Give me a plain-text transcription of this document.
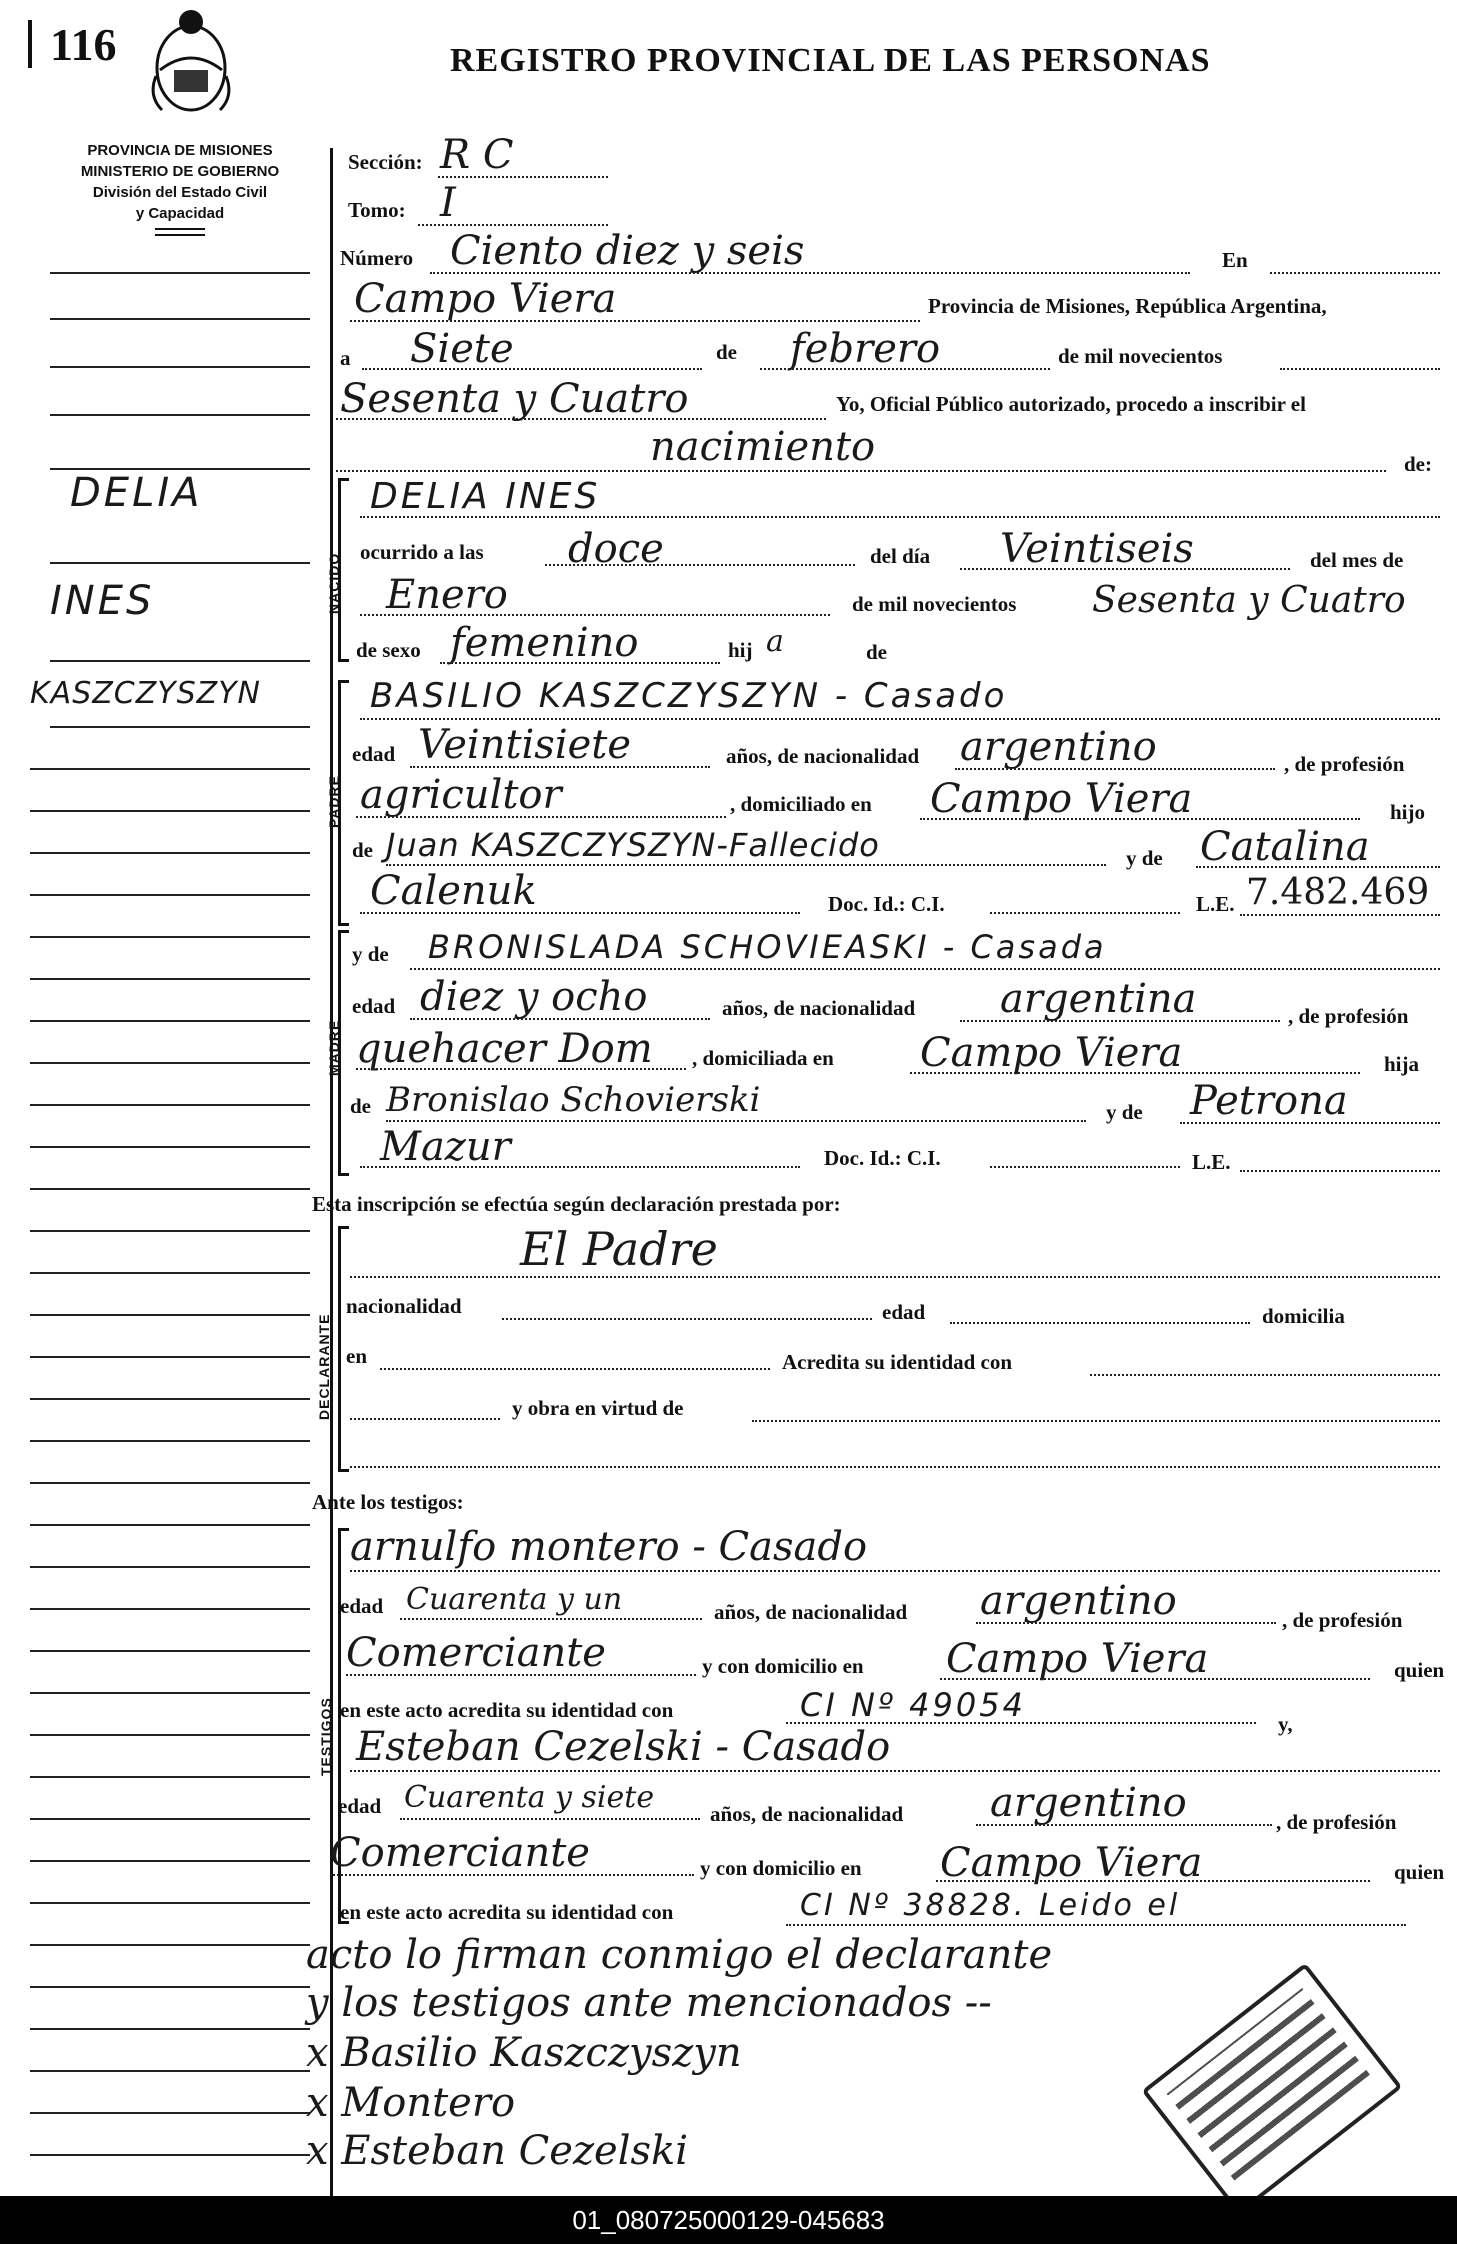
116	REGISTRO PROVINCIAL DE LAS PERSONAS
PROVINCIA DE MISIONES
MINISTERIO DE GOBIERNO
División del Estado Civil
y Capacidad
DELIA
INES
KASZCZYSZYN
Sección: R C
Tomo: I
Número Ciento diez y seis	En
Campo Viera	Provincia de Misiones, República Argentina,
a Siete	de febrero	de mil novecientos
Sesenta y Cuatro	Yo, Oficial Público autorizado, procedo a inscribir el
nacimiento	de:
NACIDO
DELIA INES
ocurrido a las doce	del día Veintiseis	del mes de
Enero	de mil novecientos Sesenta y Cuatro
de sexo femenino	hij a	de
PADRE
BASILIO KASZCZYSZYN - Casado
edad Veintisiete	años, de nacionalidad argentino	, de profesión
agricultor	, domiciliado en Campo Viera	hijo
de Juan KASZCZYSZYN-Fallecido	y de Catalina
Calenuk	Doc. Id.: C.I.	L.E. 7.482.469
MADRE
y de BRONISLADA SCHOVIEASKI - Casada
edad diez y ocho	años, de nacionalidad argentina	, de profesión
quehacer Dom , domiciliada en Campo Viera	hija
de Bronislao Schovierski	y de Petrona
Mazur	Doc. Id.: C.I.	L.E.
Esta inscripción se efectúa según declaración prestada por:
DECLARANTE
El Padre
nacionalidad	edad	domicilia
en	Acredita su identidad con
y obra en virtud de
Ante los testigos:
TESTIGOS
arnulfo montero - Casado
edad Cuarenta y un	años, de nacionalidad argentino	, de profesión
Comerciante	y con domicilio en Campo Viera	quien
en este acto acredita su identidad con	CI Nº 49054	y,
Esteban Cezelski - Casado
edad Cuarenta y siete	años, de nacionalidad argentino	, de profesión
Comerciante	y con domicilio en Campo Viera	quien
en este acto acredita su identidad con	CI Nº 38828. Leido el
acto lo firman conmigo el declarante
y los testigos ante mencionados --
x Basilio Kaszczyszyn
x Montero
x Esteban Cezelski
01_080725000129-045683
